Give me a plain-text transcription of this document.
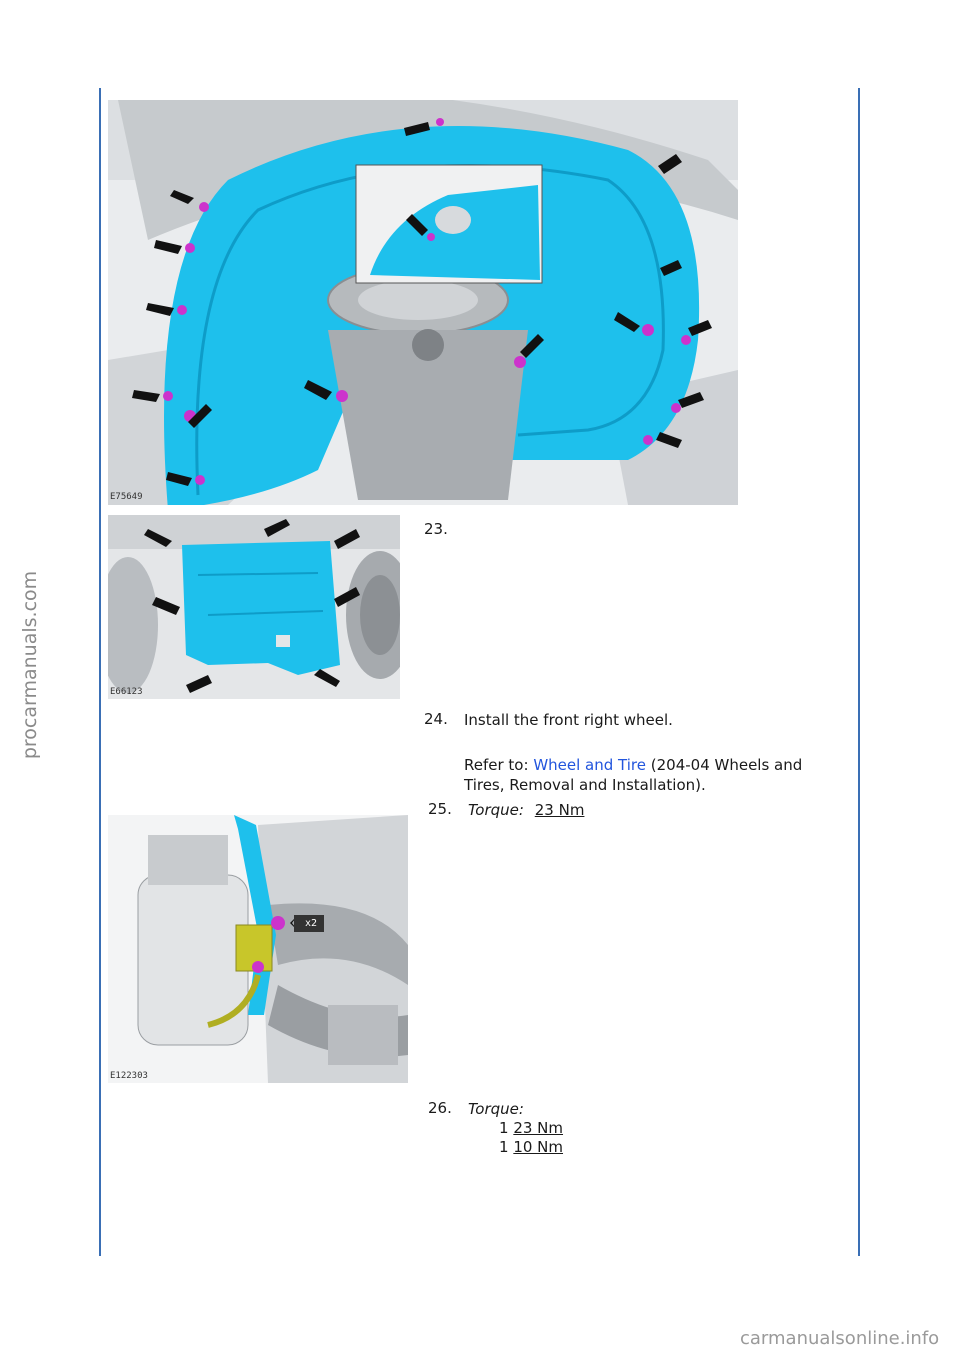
procarmanuals.com
E75649
E66123
x2
E122303
23.
24. Install the front right wheel.
Refer to: Wheel and Tire (204-04 Wheels and
Tires, Removal and Installation).
25. Torque: 23 Nm
26. Torque:
1 23 Nm
1 10 Nm
carmanualsonline.info
